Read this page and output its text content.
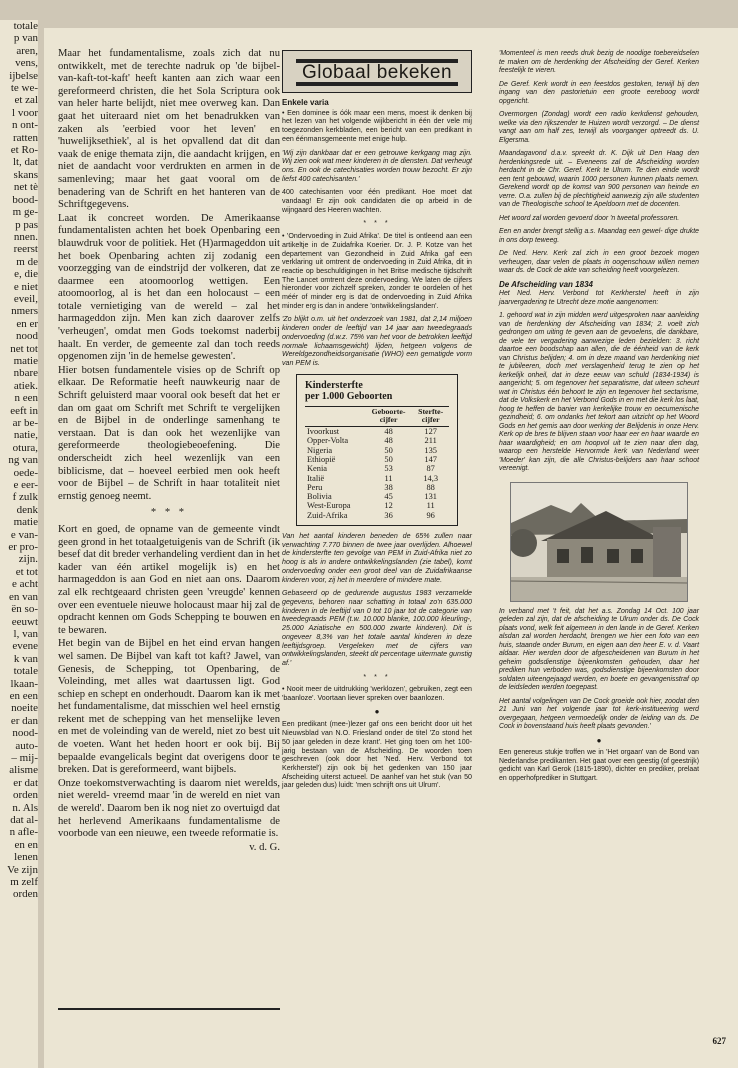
totale
p van
aren,
vens,
ijbelse
te we-
et zal
l voor
n ont-
ratten
et Ro-
lt, dat
skans
net tè
bood-
m ge-
p pas
nnen.
reerst
m de
e, die
e niet
eveil,
nmers
en er
nood
net tot
matie
nbare
atiek.
n een
eeft in
ar be-
natie,
otura,
ng van
oede-
e eer-
f zulk
denk
matie
e van-
er pro-
zijn.
et tot
e acht
en van
ën so-
eeuwt
l, van
evene
k van
totale
lkaan-
en een
noeite
er dan
nood-
auto-
– mij-
alisme
er dat
orden
n. Als
dat al-
n afle-
en en
lenen
Ve zijn
m zelf
orden

Maar het fundamentalisme, zoals zich dat nu ontwikkelt, met de terechte nadruk op 'de bijbel-van-kaft-tot-kaft' heeft kanten aan zich waar een gereformeerd christen, die het Sola Scriptura ook van heler harte belijdt, niet mee overweg kan. Dan gaat het uiteraard niet om het benadrukken van zaken als 'eerbied voor het leven' en 'huwelijksethiek', al is het opvallend dat dit dan vaak de enige themata zijn, die aandacht krijgen, en niet de aandacht voor verdrukten en armen in de samenleving; maar het gaat vooral om de benadering van de Schrift en het hanteren van de Schriftgegevens.

Laat ik concreet worden. De Amerikaanse fundamentalisten achten het boek Openbaring een blauwdruk voor de politiek. Het (H)armageddon uit het boek Openbaring achten zij zodanig een voorzegging van de eindstrijd der volkeren, dat ze daarmee een atoomoorlog wettigen. Een atoomoorlog, al is het dan een holocaust – een totale vernietiging van de wereld – zal het harmageddon zijn. Men kan zich daarover zelfs 'verheugen', omdat men Gods toekomst naderbij haalt. En verder, de gemeente zal dan toch reeds opgenomen zijn 'in de hemelse gewesten'.

Hier botsen fundamentele visies op de Schrift op elkaar. De Reformatie heeft nauwkeurig naar de Schrift geluisterd maar vooral ook beseft dat het er dan om gaat om Schrift met Schrift te vergelijken en de Bijbel in de onderlinge samenhang te verstaan. Dat is dan ook het wezenlijke van gereformeerde theologiebeoefening. Die onderscheidt zich heel wezenlijk van een biblicisme, dat – hoeveel eerbied men ook heeft voor de Bijbel – de Schrift in haar totaliteit niet ernstig genoeg neemt.

* * *

Kort en goed, de opname van de gemeente vindt geen grond in het totaalgetuigenis van de Schrift (ik besef dat dit breder verhandeling verdient dan in het kader van één artikel mogelijk is) en het harmageddon is aan God en niet aan ons. Daarom zal elk rechtgeaard christen geen 'vreugde' kennen over een eventuele nieuwe holocaust maar hij zal de opdracht kennen om Gods Schepping te bouwen en te bewaren.

Het begin van de Bijbel en het eind ervan hangen wel samen. De Bijbel van kaft tot kaft? Jawel, van Genesis, de Schepping, tot Openbaring, de Voleinding, met alles wat daartussen ligt. God schiep en schept en onderhoudt. Daarom kan ik met het fundamentalisme, dat misschien wel heel ernstig rekent met de schepping van het menselijke leven en met de voleinding van de wereld, niet zo best uit de voeten. Want het heden hoort er ook bij. Bij bepaalde evangelicals begint dat overigens door te breken. Dat is gereformeerd, want bijbels.

Onze toekomstverwachting is daarom niet werelds, niet wereld- vreemd maar 'in de wereld en niet van de wereld'. Daarom ben ik nog niet zo overtuigd dat het herlevend Amerikaans fundamentalisme de voorbode van een nieuwe, een tweede reformatie is.

v. d. G.

Globaal bekeken
Enkele varia

• Een dominee is óók maar een mens, moest ik denken bij het lezen van het volgende wijkbericht in één der vele mij toegezonden kerkbladen, een bericht van een predikant in een éénmansgemeente met enige hulp.

'Wij zijn dankbaar dat er een getrouwe kerkgang mag zijn. Wij zien ook wat meer kinderen in de diensten. Dat verheugt ons. En ook de catechisaties worden trouw bezocht. Er zijn liefst 400 catechisanten.'

400 catechisanten voor één predikant. Hoe moet dat vandaag! Er zijn ook candidaten die op arbeid in de wijngaard des Heeren wachten.

* * *

• 'Ondervoeding in Zuid Afrika'. De titel is ontleend aan een artikeltje in de Zuidafrika Koerier. Dr. J. P. Kotze van het departement van Gezondheid in Zuid Afrika gaf een verklaring uit omtrent de ondervoeding in Zuid Afrika, dit in reactie op beschuldigingen in het Britse medische tijdschrift The Lancet omtrent deze ondervoeding. We laten de cijfers hieronder voor zichzelf spreken, zonder te oordelen of het méér of minder erg is dat de ondervoeding in Zuid Afrika minder erg is dan in andere 'ontwikkelingslanden'.

'Zo blijkt o.m. uit het onderzoek van 1981, dat 2,14 miljoen kinderen onder de leeftijd van 14 jaar aan tweedegraads ondervoeding (d.w.z. 75% van het voor de betrokken leeftijd normale lichaamsgewicht) lijden, hetgeen volgens de Wereldgezondheidsorganisatie (WHO) een gematigde vorm van PEM is.

Kindersterfte
per 1.000 Geboorten
	Geboorte-
cijfer	Sterfte-
cijfer
Ivoorkust	48	127
Opper-Volta	48	211
Nigeria	50	135
Ethiopië	50	147
Kenia	53	87
Italië	11	14,3
Peru	38	88
Bolivia	45	131
West-Europa	12	11
Zuid-Afrika	36	96

Van het aantal kinderen beneden de 65% zullen naar verwachting 7.770 binnen de twee jaar overlijden. Alhoewel de kindersterfte ten gevolge van PEM in Zuid-Afrika niet zo hoog is als in andere ontwikkelingslanden (zie tabel), komt ondervoeding onder een groot deel van de Zuidafrikaanse kinderen voor, zij het in meerdere of mindere mate.

Gebaseerd op de gedurende augustus 1983 verzamelde gegevens, behoren naar schatting in totaal zo'n 635.000 kinderen in de leeftijd van 0 tot 10 jaar tot de categorie van tweedegraads PEM (t.w. 10.000 blanke, 100.000 kleurling-, 25.000 Aziatische en 500.000 zwarte kinderen). Dit is ongeveer 8,3% van het totale aantal kinderen in deze leeftijdsgroep. Vergeleken met de cijfers van ontwikkelingslanden, steekt dit percentage uitermate gunstig af.'

* * *

• Nooit meer de uitdrukking 'werklozen', gebruiken, zegt een 'baanloze'. Voortaan liever spreken over baanlozen.

●

Een predikant (mee-)lezer gaf ons een bericht door uit het Nieuwsblad van N.O. Friesland onder de titel 'Zo stond het 50 jaar geleden in deze krant'. Het ging toen om het 100-jarig bestaan van de Afscheiding. De woorden toen geschreven (ook door het 'Ned. Herv. Verbond tot Kerkherstel') zijn ook bij het gedenken van 150 jaar Afscheiding uiterst actueel. De aanhef van het stuk (van 50 jaar geleden dus) luidt: 'men schrijft ons uit Ulrum'.

'Momenteel is men reeds druk bezig de noodige toebereidselen te maken om de herdenking der Afscheiding der Geref. Kerken feestelijk te vieren.

De Geref. Kerk wordt in een feestdos gestoken, terwijl bij den ingang van den pastorietuin een groote eereboog wordt opgericht.

Overmorgen (Zondag) wordt een radio kerkdienst gehouden, welke via den rijkszender te Huizen wordt verzorgd. – De dienst vangt aan om half zes, terwijl als voorganger optreedt ds. U. Elgersma.

Maandagavond d.a.v. spreekt dr. K. Dijk uit Den Haag den herdenkingsrede uit. – Eveneens zal de Afscheiding worden herdacht in de Chr. Geref. Kerk te Ulrum. Te dien einde wordt een tent gebouwd, waarin 1000 personen kunnen plaats nemen. Gerekend wordt op de komst van 900 personen van heinde en verre. O.a. zullen bij de plechtigheid aanwezig zijn alle studenten van de Theologische school te Apeldoorn met de docenten.

Het woord zal worden gevoerd door 'n tweetal professoren.

Een en ander brengt stellig a.s. Maandag een gewel- dige drukte in ons dorp teweeg.

De Ned. Herv. Kerk zal zich in een groot bezoek mogen verheugen, daar velen de plaats in oogenschouw willen nemen waar ds. de Cock de akte van scheiding heeft voorgelezen.

De Afscheiding van 1834

Het Ned. Herv. Verbond tot Kerkherstel heeft in zijn jaarvergadering te Utrecht deze motie aangenomen:

1. gehoord wat in zijn midden werd uitgesproken naar aanleiding van de herdenking der Afscheiding van 1834; 2. voelt zich gedrongen om uiting te geven aan de gevoelens, die dankbare, de vele ter vergadering aanwezige leden bezielden: 3. richt daartoe een boodschap aan allen, die de éénheid van de kerk van Christus belijden; 4. om in deze maand van herdenking niet te jubileeren, doch met verslagenheid terug te zien op het kerkelijk onheil, dat in deze eeuw van schuld (1834-1934) is aangericht; 5. om tegenover het separatisme, dat uiteen scheurt wat in Christus één behoort te zijn en tegenover het sectarisme, dat de Volkskerk en het Verbond Gods in en met die kerk los laat, hoog te heffen de banier van kerkelijke trouw en oecumenische gezindheid; 6. om ondanks het tekort aan uitzicht op het Woord Gods en het gemis aan door werking der Belijdenis in onze Herv. Kerk op de bres te blijven staan voor haar eer en haar waarde en haar waardigheid; en om hoopvol uit te zien naar dien dag, waarop een herstelde Hervormde kerk van Nederland weer 'Moeder' kan zijn, die alle Christus-belijders aan haar schoot vereenigt.

In verband met 't feit, dat het a.s. Zondag 14 Oct. 100 jaar geleden zal zijn, dat de afscheiding te Ulrum onder ds. De Cock plaats vond, welk feit algemeen in den lande in de Geref. Kerken alsdan zal worden herdacht, brengen we hier een foto van een huis, staande onder Burum, en eigen aan den heer E. v. d. Vaart aldaar. Hier werden door de afgescheidenen van Burum in het geheim godsdienstige bijeenkomsten gehouden, daar het prediken hun verboden was, godsdienstige bijeenkomsten door soldaten uiteengejaagd werden, en boete en gevangenisstraf op de leidsleden werden toegepast.

Het aantal volgelingen van De Cock groeide ook hier, zoodat den 21 Juni van het volgende jaar tot kerk-institueering werd overgegaan, hetgeen vermoedelijk onder de leiding van ds. De Cock in bovenstaand huis heeft plaats gevonden.'

●

Een genereus stukje troffen we in 'Het orgaan' van de Bond van Nederlandse predikanten. Het gaat over een geestig (of geestrijk) gedicht van Karl Gerok (1815-1890), dichter en prediker, prelaat en opperhofprediker in Stuttgart.

627
